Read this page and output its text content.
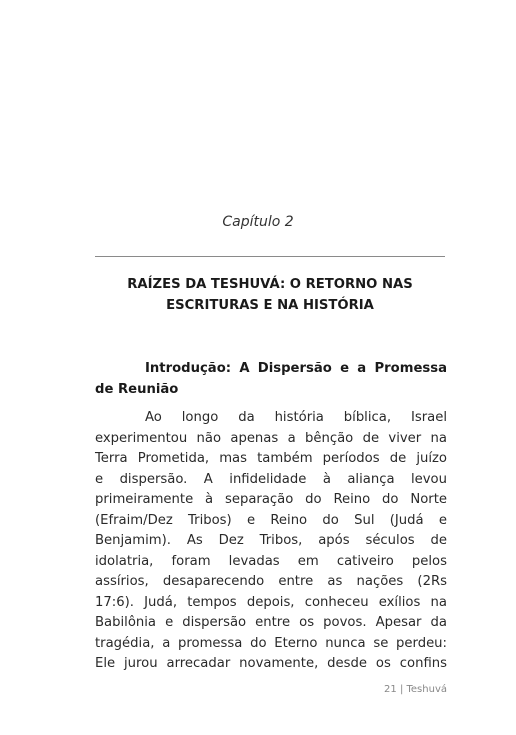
Capítulo 2
RAÍZES DA TESHUVÁ: O RETORNO NAS
ESCRITURAS E NA HISTÓRIA
Introdução: A Dispersão e a Promessa
de Reunião
Ao longo da história bíblica, Israel
experimentou não apenas a bênção de viver na
Terra Prometida, mas também períodos de juízo
e dispersão. A infidelidade à aliança levou
primeiramente à separação do Reino do Norte
(Efraim/Dez Tribos) e Reino do Sul (Judá e
Benjamim). As Dez Tribos, após séculos de
idolatria, foram levadas em cativeiro pelos
assírios, desaparecendo entre as nações (2Rs
17:6). Judá, tempos depois, conheceu exílios na
Babilônia e dispersão entre os povos. Apesar da
tragédia, a promessa do Eterno nunca se perdeu:
Ele jurou arrecadar novamente, desde os confins
21 | Teshuvá
